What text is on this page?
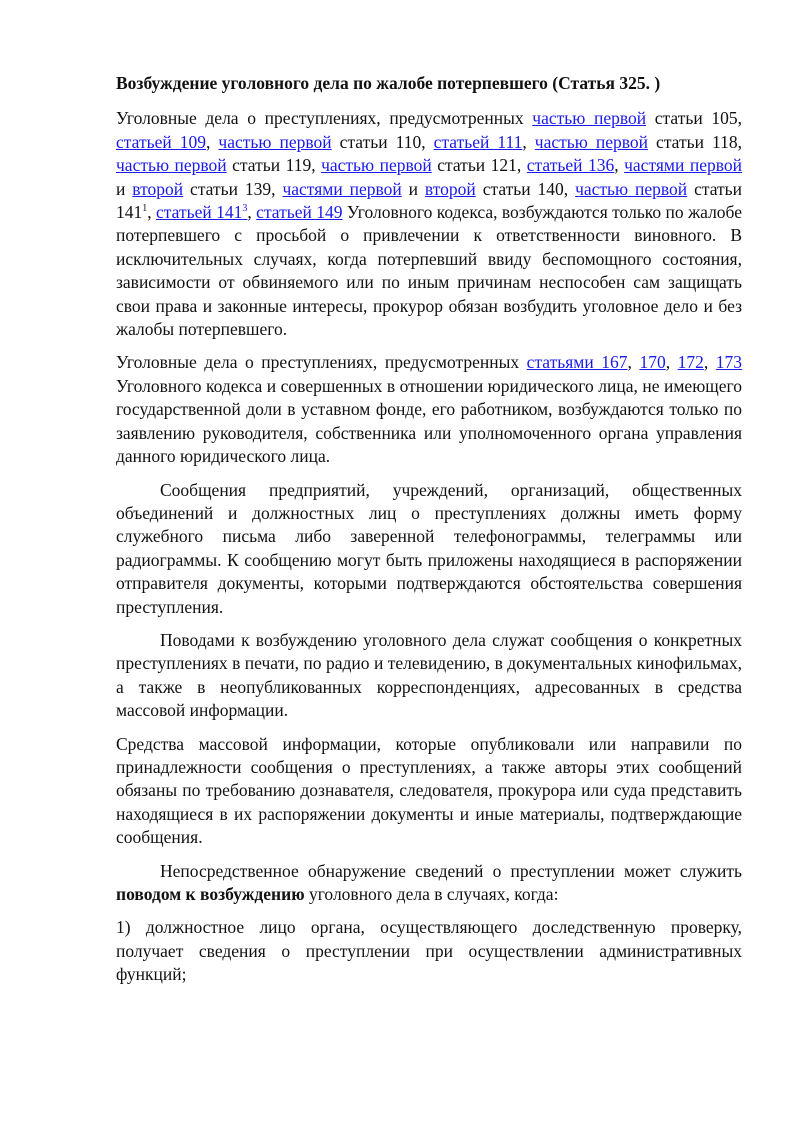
Возбуждение уголовного дела по жалобе потерпевшего (Статья 325. )

Уголовные дела о преступлениях, предусмотренных частью первой статьи 105, статьей 109, частью первой статьи 110, статьей 111, частью первой статьи 118, частью первой статьи 119, частью первой статьи 121, статьей 136, частями первой и второй статьи 139, частями первой и второй статьи 140, частью первой статьи $141^1$, статьей $141^3$, статьей 149 Уголовного кодекса, возбуждаются только по жалобе потерпевшего с просьбой о привлечении к ответственности виновного. В исключительных случаях, когда потерпевший ввиду беспомощного состояния, зависимости от обвиняемого или по иным причинам неспособен сам защищать свои права и законные интересы, прокурор обязан возбудить уголовное дело и без жалобы потерпевшего.

Уголовные дела о преступлениях, предусмотренных статьями 167, 170, 172, 173 Уголовного кодекса и совершенных в отношении юридического лица, не имеющего государственной доли в уставном фонде, его работником, возбуждаются только по заявлению руководителя, собственника или уполномоченного органа управления данного юридического лица.

Сообщения предприятий, учреждений, организаций, общественных объединений и должностных лиц о преступлениях должны иметь форму служебного письма либо заверенной телефонограммы, телеграммы или радиограммы. К сообщению могут быть приложены находящиеся в распоряжении отправителя документы, которыми подтверждаются обстоятельства совершения преступления.

Поводами к возбуждению уголовного дела служат сообщения о конкретных преступлениях в печати, по радио и телевидению, в документальных кинофильмах, а также в неопубликованных корреспонденциях, адресованных в средства массовой информации.

Средства массовой информации, которые опубликовали или направили по принадлежности сообщения о преступлениях, а также авторы этих сообщений обязаны по требованию дознавателя, следователя, прокурора или суда представить находящиеся в их распоряжении документы и иные материалы, подтверждающие сообщения.

Непосредственное обнаружение сведений о преступлении может служить поводом к возбуждению уголовного дела в случаях, когда:

1) должностное лицо органа, осуществляющего доследственную проверку, получает сведения о преступлении при осуществлении административных функций;
